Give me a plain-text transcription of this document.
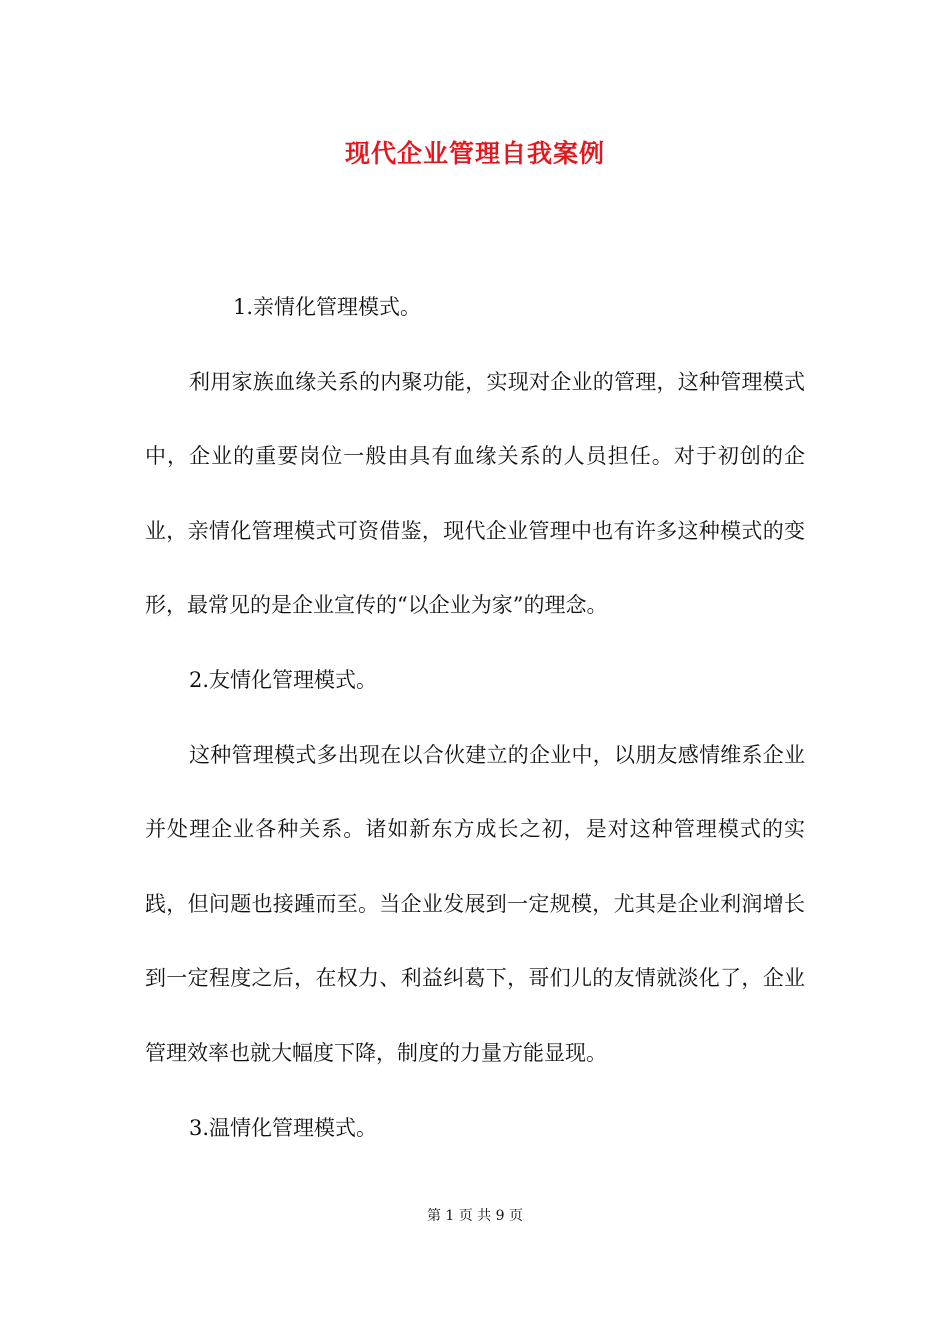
现代企业管理自我案例

1.亲情化管理模式。

利用家族血缘关系的内聚功能，实现对企业的管理，这种管理模式中，企业的重要岗位一般由具有血缘关系的人员担任。对于初创的企业，亲情化管理模式可资借鉴，现代企业管理中也有许多这种模式的变形，最常见的是企业宣传的“以企业为家”的理念。

2.友情化管理模式。

这种管理模式多出现在以合伙建立的企业中，以朋友感情维系企业并处理企业各种关系。诸如新东方成长之初，是对这种管理模式的实践，但问题也接踵而至。当企业发展到一定规模，尤其是企业利润增长到一定程度之后，在权力、利益纠葛下，哥们儿的友情就淡化了，企业管理效率也就大幅度下降，制度的力量方能显现。

3.温情化管理模式。

第 1 页 共 9 页
